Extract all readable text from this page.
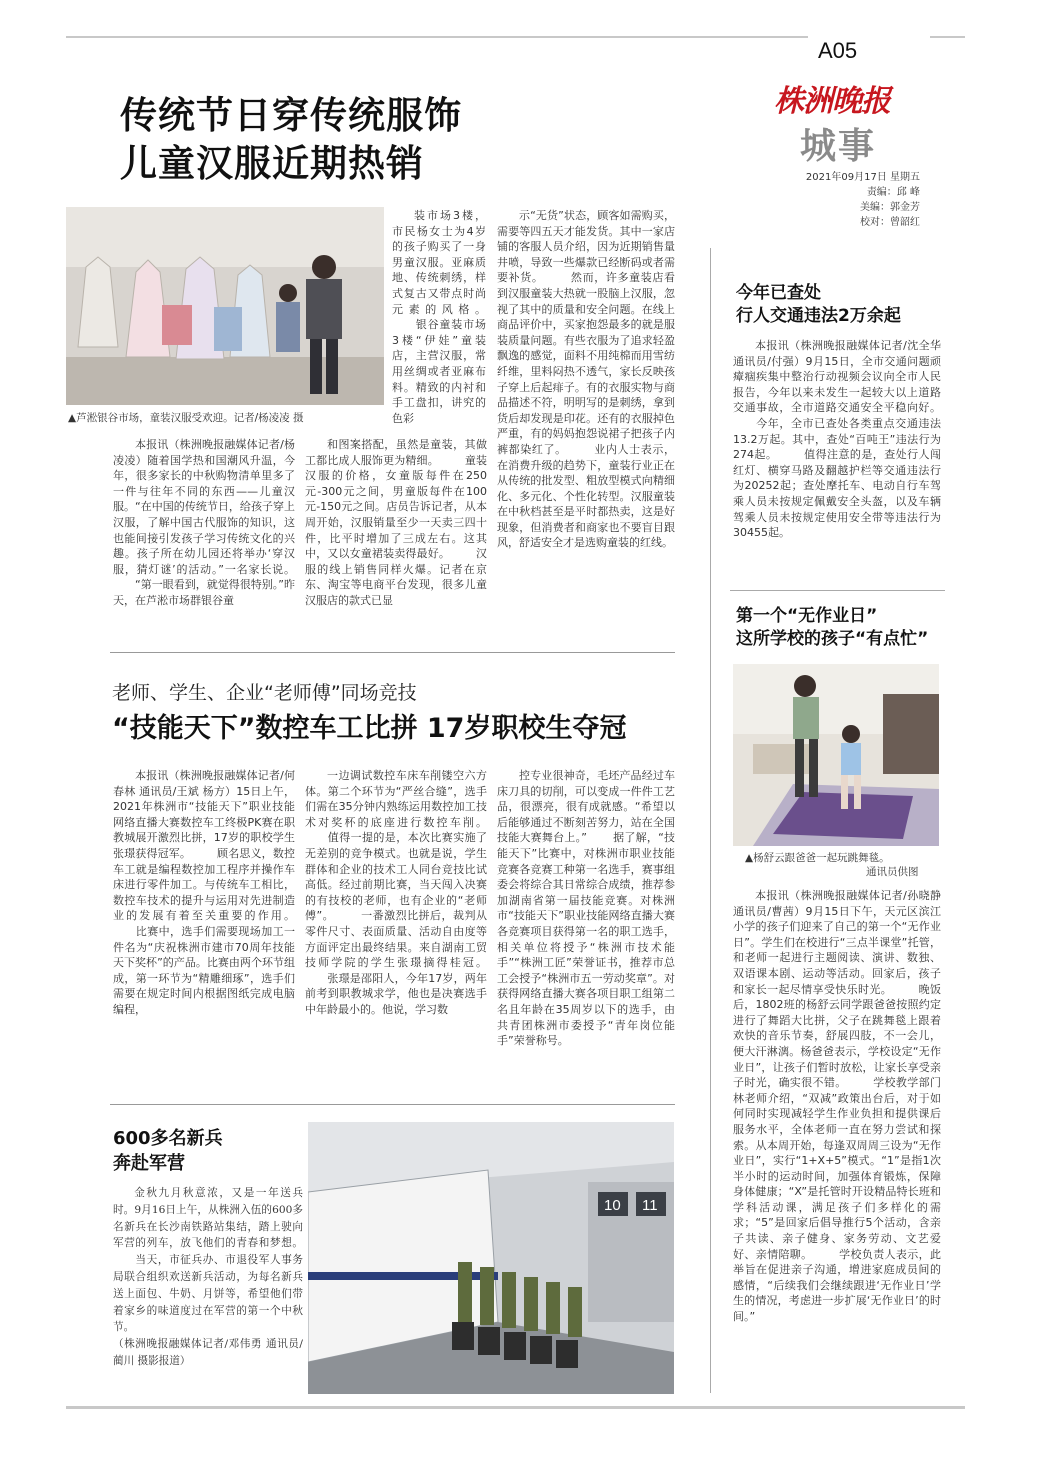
A05
株洲晚报
城事
2021年09月17日 星期五
责编：邱 峰
美编：郭金芳
校对：曾韶红
传统节日穿传统服饰
儿童汉服近期热销
▲芦淞银谷市场，童装汉服受欢迎。记者/杨凌凌 摄

装市场3楼，市民杨女士为4岁的孩子购买了一身男童汉服。亚麻质地、传统刺绣，样式复古又带点时尚元素的风格。 　　银谷童装市场3楼“伊娃”童装店，主营汉服，常用丝绸或者亚麻布料。精致的内衬和手工盘扣，讲究的色彩

本报讯（株洲晚报融媒体记者/杨凌凌）随着国学热和国潮风升温，今年，很多家长的中秋购物清单里多了一件与往年不同的东西——儿童汉服。“在中国的传统节日，给孩子穿上汉服，了解中国古代服饰的知识，这也能间接引发孩子学习传统文化的兴趣。孩子所在幼儿园还将举办‘穿汉服，猜灯谜’的活动。”一名家长说。 　　“第一眼看到，就觉得很特别。”昨天，在芦淞市场群银谷童

和图案搭配，虽然是童装，其做工都比成人服饰更为精细。 　　童装汉服的价格，女童版每件在250元-300元之间，男童版每件在100元-150元之间。店员告诉记者，从本周开始，汉服销量至少一天卖三四十件，比平时增加了三成左右。这其中，又以女童裙装卖得最好。 　　汉服的线上销售同样火爆。记者在京东、淘宝等电商平台发现，很多儿童汉服店的款式已显

示“无货”状态，顾客如需购买，需要等四五天才能发货。其中一家店铺的客服人员介绍，因为近期销售量井喷，导致一些爆款已经断码或者需要补货。 　　然而，许多童装店看到汉服童装大热就一股脑上汉服，忽视了其中的质量和安全问题。在线上商品评价中，买家抱怨最多的就是服装质量问题。有些衣服为了追求轻盈飘逸的感觉，面料不用纯棉而用雪纺纤维，里料闷热不透气，家长反映孩子穿上后起痱子。有的衣服实物与商品描述不符，明明写的是刺绣，拿到货后却发现是印花。还有的衣服掉色严重，有的妈妈抱怨说裙子把孩子内裤都染红了。 　　业内人士表示，在消费升级的趋势下，童装行业正在从传统的批发型、粗放型模式向精细化、多元化、个性化转型。汉服童装在中秋档甚至是平时都热卖，这是好现象，但消费者和商家也不要盲目跟风，舒适安全才是选购童装的红线。

老师、学生、企业“老师傅”同场竞技
“技能天下”数控车工比拼 17岁职校生夺冠

本报讯（株洲晚报融媒体记者/何春林 通讯员/王斌 杨方）15日上午，2021年株洲市“技能天下”职业技能网络直播大赛数控车工终极PK赛在职教城展开激烈比拼，17岁的职校学生张璟获得冠军。 　　顾名思义，数控车工就是编程数控加工程序并操作车床进行零件加工。与传统车工相比，数控车技术的提升与运用对先进制造业的发展有着至关重要的作用。 　　比赛中，选手们需要现场加工一件名为“庆祝株洲市建市70周年技能天下奖杯”的产品。比赛由两个环节组成，第一环节为“精雕细琢”，选手们需要在规定时间内根据图纸完成电脑编程，

一边调试数控车床车削镂空六方体。第二个环节为“严丝合缝”，选手们需在35分钟内熟练运用数控加工技术对奖杯的底座进行数控车削。 　　值得一提的是，本次比赛实施了无差别的竞争模式。也就是说，学生群体和企业的技术工人同台竞技比试高低。经过前期比赛，当天闯入决赛的有技校的老师，也有企业的“老师傅”。 　　一番激烈比拼后，裁判从零件尺寸、表面质量、活动自由度等方面评定出最终结果。来自湖南工贸技师学院的学生张璟摘得桂冠。 　　张璟是邵阳人，今年17岁，两年前考到职教城求学，他也是决赛选手中年龄最小的。他说，学习数

控专业很神奇，毛坯产品经过车床刀具的切削，可以变成一件件工艺品，很漂亮，很有成就感。“希望以后能够通过不断刻苦努力，站在全国技能大赛舞台上。” 　　据了解，“技能天下”比赛中，对株洲市职业技能竞赛各竞赛工种第一名选手，赛事组委会将综合其日常综合成绩，推荐参加湖南省第一届技能竞赛。对株洲市“技能天下”职业技能网络直播大赛各竞赛项目获得第一名的职工选手，相关单位将授予“株洲市技术能手”“株洲工匠”荣誉证书，推荐市总工会授予“株洲市五一劳动奖章”。对获得网络直播大赛各项目职工组第二名且年龄在35周岁以下的选手，由共青团株洲市委授予“青年岗位能手”荣誉称号。

600多名新兵
奔赴军营

金秋九月秋意浓，又是一年送兵时。9月16日上午，从株洲入伍的600多名新兵在长沙南铁路站集结，踏上驶向军营的列车，放飞他们的青春和梦想。 　　当天，市征兵办、市退役军人事务局联合组织欢送新兵活动，为每名新兵送上面包、牛奶、月饼等，希望他们带着家乡的味道度过在军营的第一个中秋节。

（株洲晚报融媒体记者/邓伟勇 通讯员/蔺川 摄影报道）
10 11
今年已查处
行人交通违法2万余起

本报讯（株洲晚报融媒体记者/沈全华 通讯员/付强）9月15日，全市交通问题顽瘴痼疾集中整治行动视频会议向全市人民报告，今年以来未发生一起较大以上道路交通事故，全市道路交通安全平稳向好。 　　今年，全市已查处各类重点交通违法13.2万起。其中，查处“百吨王”违法行为274起。 　　值得注意的是，查处行人闯红灯、横穿马路及翻越护栏等交通违法行为20252起；查处摩托车、电动自行车驾乘人员未按规定佩戴安全头盔，以及车辆驾乘人员未按规定使用安全带等违法行为30455起。

第一个“无作业日”
这所学校的孩子“有点忙”
▲杨舒云跟爸爸一起玩跳舞毯。
通讯员供图

本报讯（株洲晚报融媒体记者/孙晓静 通讯员/曹茜）9月15日下午，天元区滨江小学的孩子们迎来了自己的第一个“无作业日”。学生们在校进行“三点半课堂”托管，和老师一起进行主题阅读、演讲、数独、双语课本剧、运动等活动。回家后，孩子和家长一起尽情享受快乐时光。 　　晚饭后，1802班的杨舒云同学跟爸爸按照约定进行了舞蹈大比拼，父子在跳舞毯上跟着欢快的音乐节奏，舒展四肢，不一会儿，便大汗淋漓。杨爸爸表示，学校设定“无作业日”，让孩子们暂时放松，让家长享受亲子时光，确实很不错。 　　学校教学部门林老师介绍，“双减”政策出台后，对于如何同时实现减轻学生作业负担和提供课后服务水平，全体老师一直在努力尝试和探索。从本周开始，每逢双周周三设为“无作业日”，实行“1+X+5”模式。“1”是指1次半小时的运动时间，加强体育锻炼，保障身体健康；“X”是托管时开设精品特长班和学科活动课，满足孩子们多样化的需求；“5”是回家后倡导推行5个活动，含亲子共读、亲子健身、家务劳动、文艺爱好、亲情陪聊。 　　学校负责人表示，此举旨在促进亲子沟通，增进家庭成员间的感情，“后续我们会继续跟进‘无作业日’学生的情况，考虑进一步扩展‘无作业日’的时间。”
